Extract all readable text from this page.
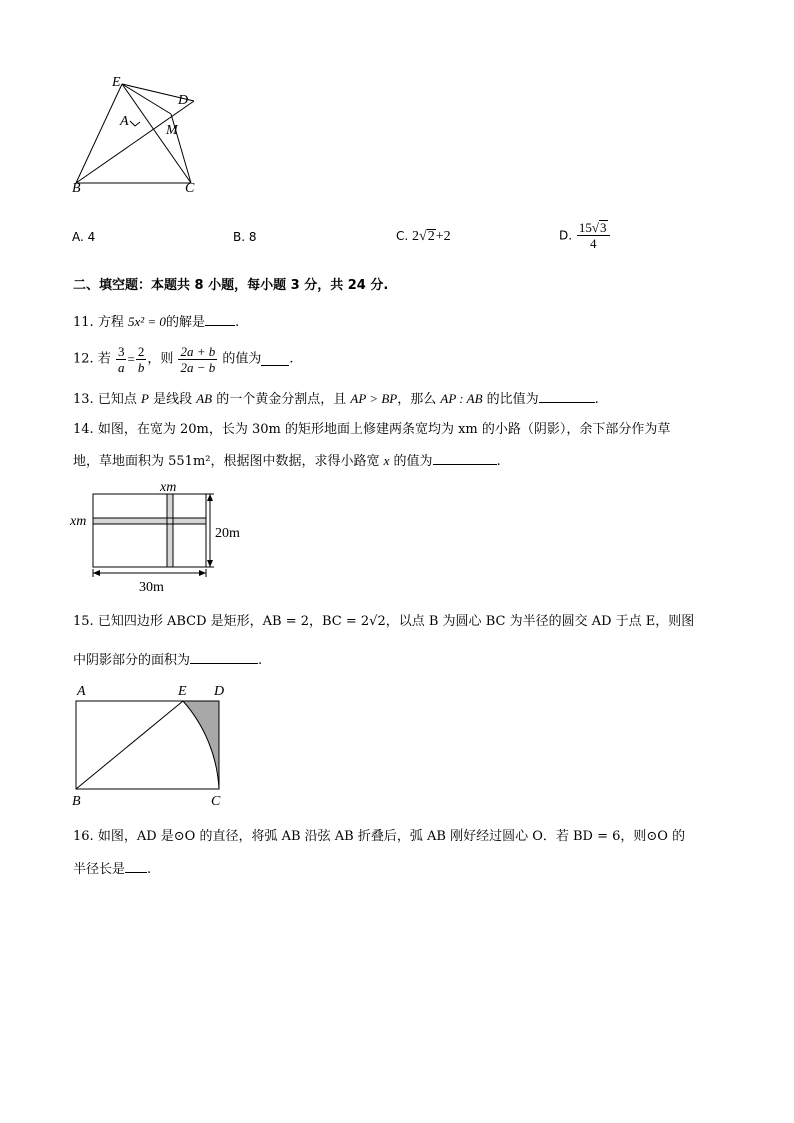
E
D
A
M
B	C
A. 4	B. 8	C. 2√2+2	D. $\frac{15√3}{4}$
二、填空题：本题共 8 小题，每小题 3 分，共 24 分.
11. 方程 5x² = 0的解是 .
12. 若 $\frac{3}{a} = \frac{2}{b}$ ，则 $\frac{2a + b}{2a - b}$ 的值为 .
13. 已知点 P 是线段 AB 的一个黄金分割点，且 AP > BP，那么 AP : AB 的比值为	.
14. 如图，在宽为 20m，长为 30m 的矩形地面上修建两条宽均为 xm 的小路（阴影），余下部分作为草
地，草地面积为 551m²，根据图中数据，求得小路宽 x 的值为	.
xm
xm
20m
30m
15. 已知四边形 ABCD 是矩形，AB = 2，BC = 2√2，以点 B 为圆心 BC 为半径的圆交 AD 于点 E，则图
中阴影部分的面积为	.
A	E D
B	C
16. 如图，AD 是⊙O 的直径，将弧 AB 沿弦 AB 折叠后，弧 AB 刚好经过圆心 O．若 BD = 6，则⊙O 的
半径长是 .
